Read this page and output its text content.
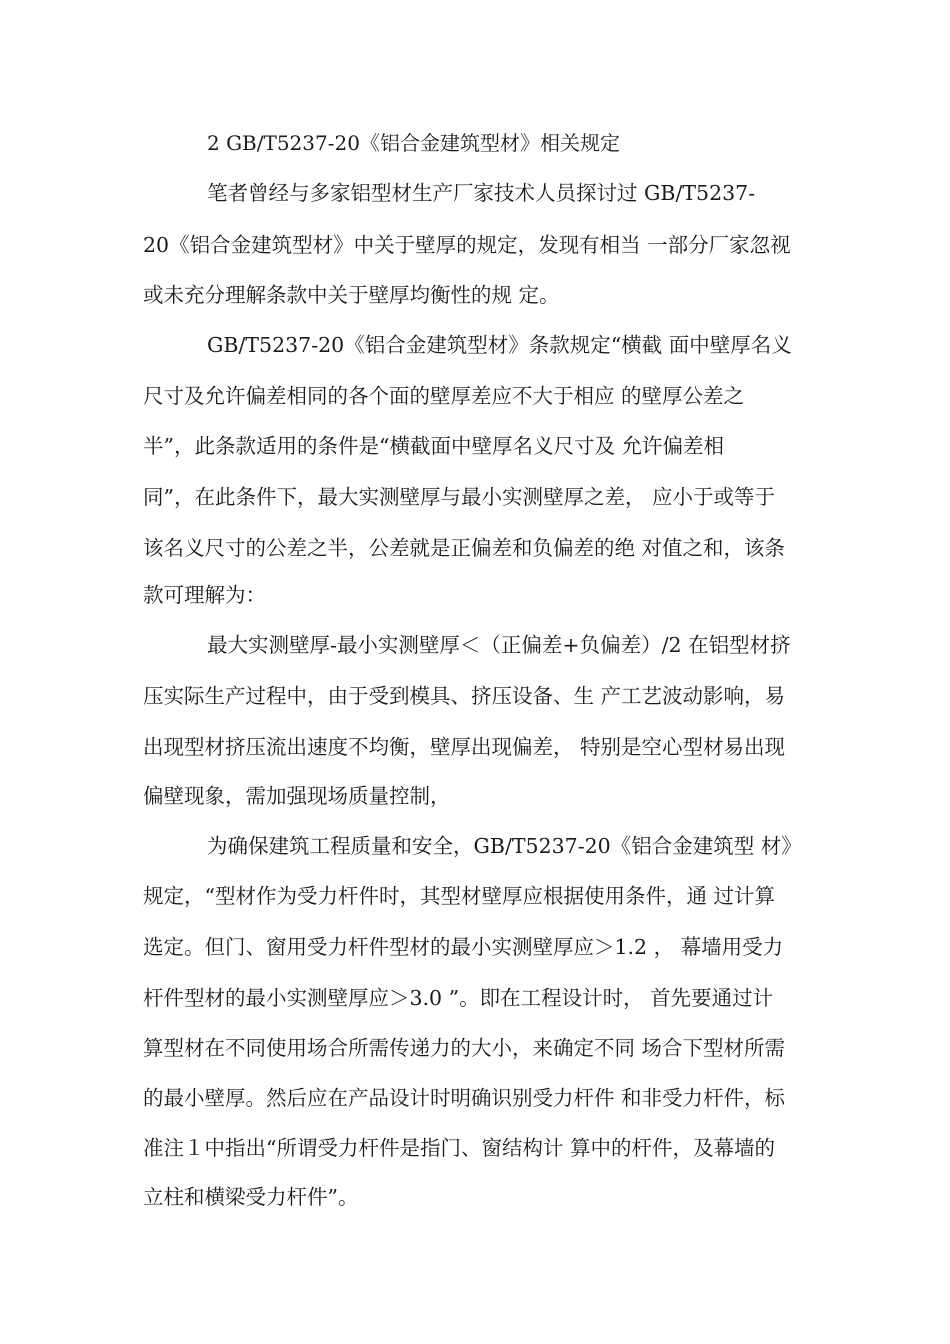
2 GB/T5237-20《铝合金建筑型材》相关规定

笔者曾经与多家铝型材生产厂家技术人员探讨过 GB/T5237-

20《铝合金建筑型材》中关于壁厚的规定，发现有相当 一部分厂家忽视

或未充分理解条款中关于壁厚均衡性的规 定。

GB/T5237-20《铝合金建筑型材》条款规定“横截 面中壁厚名义

尺寸及允许偏差相同的各个面的壁厚差应不大于相应 的壁厚公差之

半”，此条款适用的条件是“横截面中壁厚名义尺寸及 允许偏差相

同”，在此条件下，最大实测壁厚与最小实测壁厚之差， 应小于或等于

该名义尺寸的公差之半，公差就是正偏差和负偏差的绝 对值之和，该条

款可理解为：

最大实测壁厚-最小实测壁厚＜（正偏差+负偏差）/2 在铝型材挤

压实际生产过程中，由于受到模具、挤压设备、生 产工艺波动影响，易

出现型材挤压流出速度不均衡，壁厚出现偏差， 特别是空心型材易出现

偏壁现象，需加强现场质量控制，

为确保建筑工程质量和安全，GB/T5237-20《铝合金建筑型 材》

规定，“型材作为受力杆件时，其型材壁厚应根据使用条件，通 过计算

选定。但门、窗用受力杆件型材的最小实测壁厚应＞1.2 ， 幕墙用受力

杆件型材的最小实测壁厚应＞3.0 ”。即在工程设计时， 首先要通过计

算型材在不同使用场合所需传递力的大小，来确定不同 场合下型材所需

的最小壁厚。然后应在产品设计时明确识别受力杆件 和非受力杆件，标

准注１中指出“所谓受力杆件是指门、窗结构计 算中的杆件，及幕墙的

立柱和横梁受力杆件”。
